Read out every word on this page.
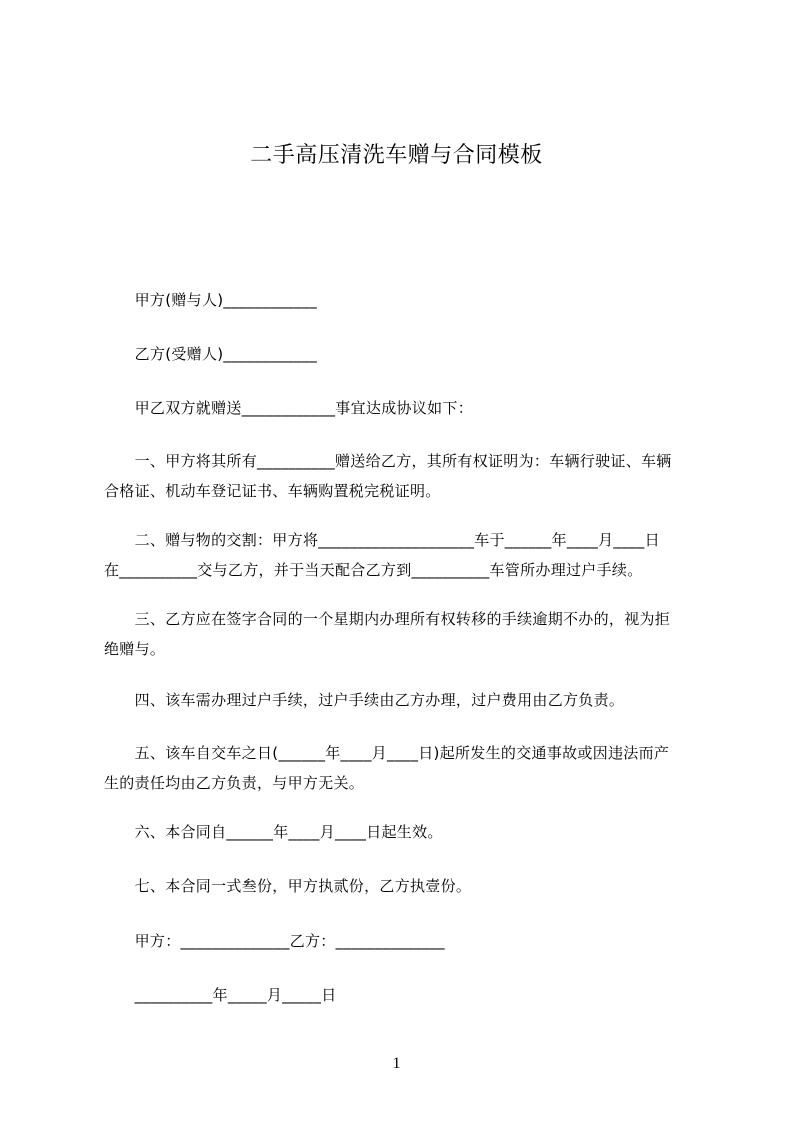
二手高压清洗车赠与合同模板
　　甲方(赠与人)____________
　　乙方(受赠人)____________
　　甲乙双方就赠送____________事宜达成协议如下：
　　一、甲方将其所有__________赠送给乙方，其所有权证明为：车辆行驶证、车辆
合格证、机动车登记证书、车辆购置税完税证明。
　　二、赠与物的交割：甲方将____________________车于______年____月____日
在__________交与乙方，并于当天配合乙方到__________车管所办理过户手续。
　　三、乙方应在签字合同的一个星期内办理所有权转移的手续逾期不办的，视为拒
绝赠与。
　　四、该车需办理过户手续，过户手续由乙方办理，过户费用由乙方负责。
　　五、该车自交车之日(______年____月____日)起所发生的交通事故或因违法而产
生的责任均由乙方负责，与甲方无关。
　　六、本合同自______年____月____日起生效。
　　七、本合同一式叁份，甲方执贰份，乙方执壹份。
　　甲方：______________乙方：______________
　　__________年_____月_____日
1
